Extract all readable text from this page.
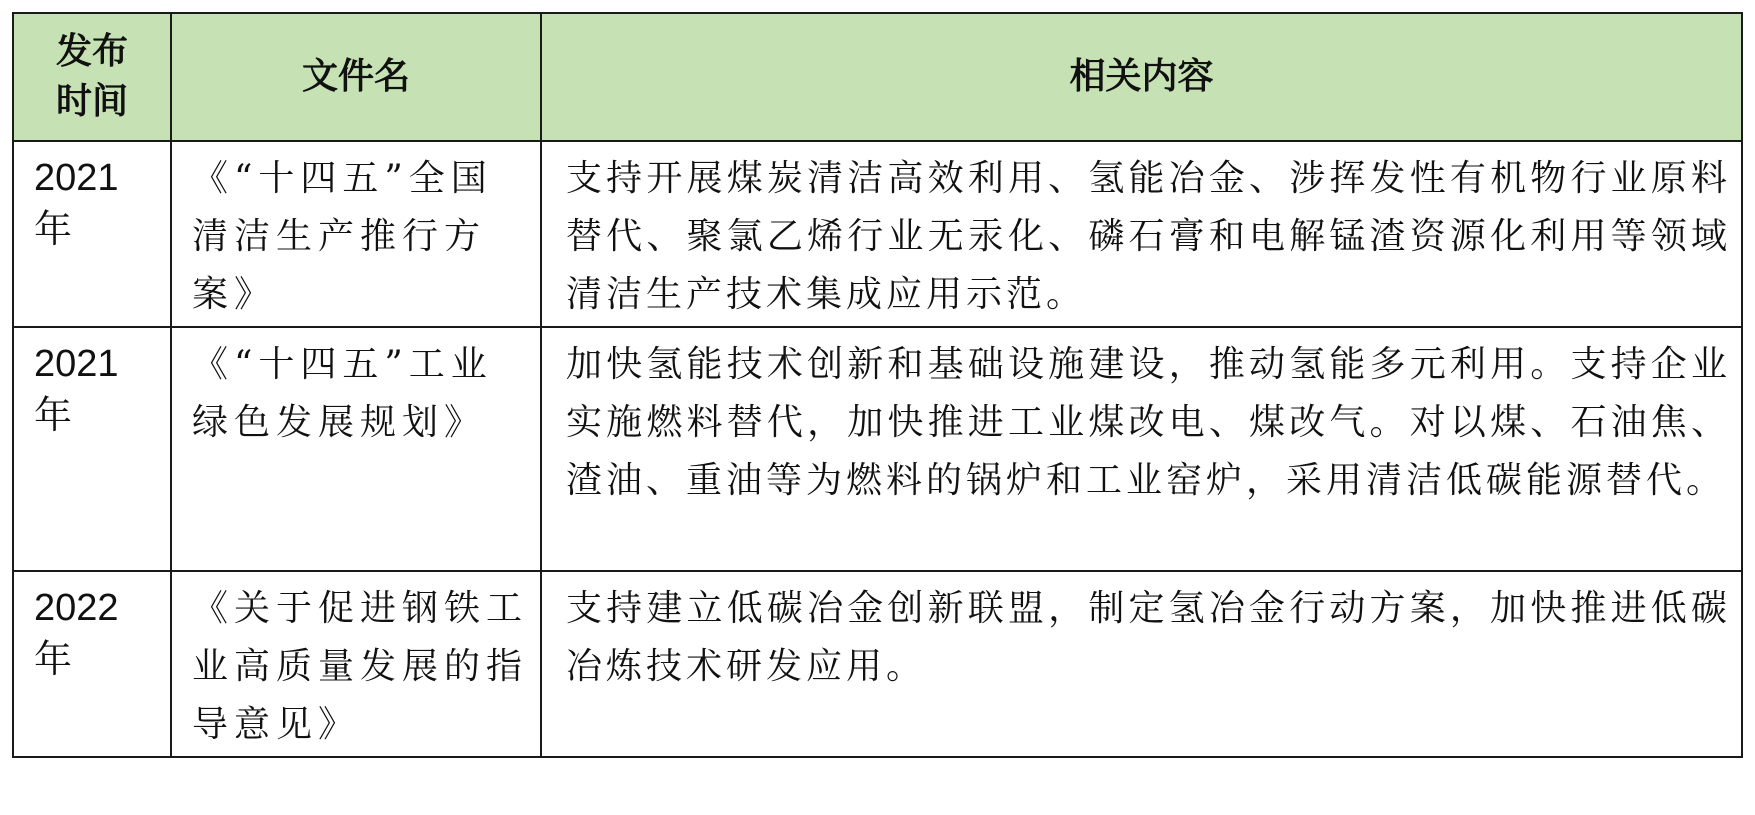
发布
时间	文件名	相关内容

2021
年	《“十四五”全国清洁生产推行方案》	支持开展煤炭清洁高效利用、氢能冶金、涉挥发性有机物行业原料替代、聚氯乙烯行业无汞化、磷石膏和电解锰渣资源化利用等领域清洁生产技术集成应用示范。

2021
年	《“十四五”工业绿色发展规划》	加快氢能技术创新和基础设施建设，推动氢能多元利用。支持企业实施燃料替代，加快推进工业煤改电、煤改气。对以煤、石油焦、渣油、重油等为燃料的锅炉和工业窑炉，采用清洁低碳能源替代。

2022
年	《关于促进钢铁工业高质量发展的指导意见》	支持建立低碳冶金创新联盟，制定氢冶金行动方案，加快推进低碳冶炼技术研发应用。
